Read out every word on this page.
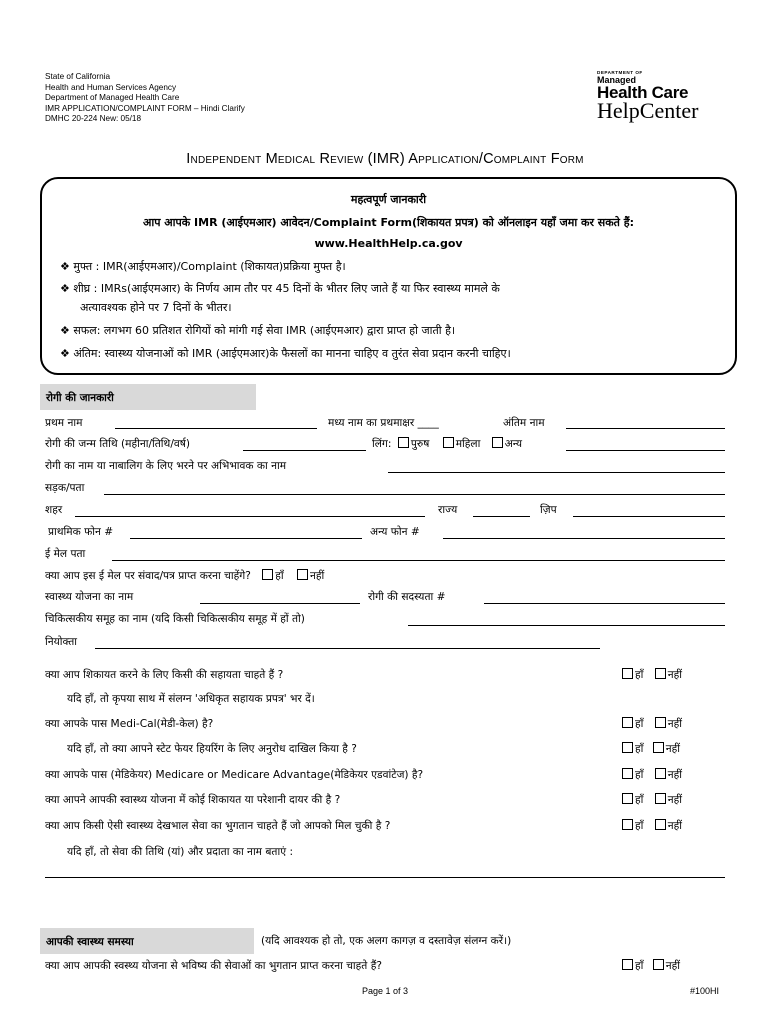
State of California
Health and Human Services Agency
Department of Managed Health Care
IMR APPLICATION/COMPLAINT FORM – Hindi Clarify
DMHC 20-224 New: 05/18
DEPARTMENT OF
Managed
Health Care
HelpCenter
Independent Medical Review (IMR) Application/Complaint Form
महत्वपूर्ण जानकारी
आप आपके IMR (आईएमआर) आवेदन/Complaint Form(शिकायत प्रपत्र) को ऑनलाइन यहाँ जमा कर सकते हैं:
www.HealthHelp.ca.gov
❖ मुफ्त : IMR(आईएमआर)/Complaint (शिकायत)प्रक्रिया मुफ्त है।
❖ शीघ्र : IMRs(आईएमआर) के निर्णय आम तौर पर 45 दिनों के भीतर लिए जाते हैं या फिर स्वास्थ्य मामले के
अत्यावश्यक होने पर 7 दिनों के भीतर।
❖ सफल: लगभग 60 प्रतिशत रोगियों को मांगी गई सेवा IMR (आईएमआर) द्वारा प्राप्त हो जाती है।
❖ अंतिम: स्वास्थ्य योजनाओं को IMR (आईएमआर)के फैसलों का मानना चाहिए व तुरंत सेवा प्रदान करनी चाहिए।
रोगी की जानकारी
प्रथम नाम	मध्य नाम का प्रथमाक्षर ____	अंतिम नाम
रोगी की जन्म तिथि (महीना/तिथि/वर्ष)	लिंग: पुरुष महिला अन्य
रोगी का नाम या नाबालिग के लिए भरने पर अभिभावक का नाम
सड़क/पता
शहर	राज्य	ज़िप
प्राथमिक फोन #	अन्य फोन #
ई मेल पता
क्या आप इस ई मेल पर संवाद/पत्र प्राप्त करना चाहेंगे? हाँ नहीं
स्वास्थ्य योजना का नाम	रोगी की सदस्यता #
चिकित्सकीय समूह का नाम (यदि किसी चिकित्सकीय समूह में हों तो)
नियोक्ता
क्या आप शिकायत करने के लिए किसी की सहायता चाहते हैं ?	हाँ नहीं
यदि हाँ, तो कृपया साथ में संलग्न 'अधिकृत सहायक प्रपत्र' भर दें।
क्या आपके पास Medi-Cal(मेडी-केल) है?	हाँ नहीं
यदि हाँ, तो क्या आपने स्टेट फेयर हियरिंग के लिए अनुरोध दाखिल किया है ?	हाँ नहीं
क्या आपके पास (मेडिकेयर) Medicare or Medicare Advantage(मेडिकेयर एडवांटेज) है?	हाँ नहीं
क्या आपने आपकी स्वास्थ्य योजना में कोई शिकायत या परेशानी दायर की है ?	हाँ नहीं
क्या आप किसी ऐसी स्वास्थ्य देखभाल सेवा का भुगतान चाहते हैं जो आपको मिल चुकी है ?	हाँ नहीं
यदि हाँ, तो सेवा की तिथि (यां) और प्रदाता का नाम बताएं :
आपकी स्वास्थ्य समस्या	(यदि आवश्यक हो तो, एक अलग कागज़ व दस्तावेज़ संलग्न करें।)
क्या आप आपकी स्वस्थ्य योजना से भविष्य की सेवाओं का भुगतान प्राप्त करना चाहते हैं?	हाँ नहीं
Page 1 of 3	#100HI
